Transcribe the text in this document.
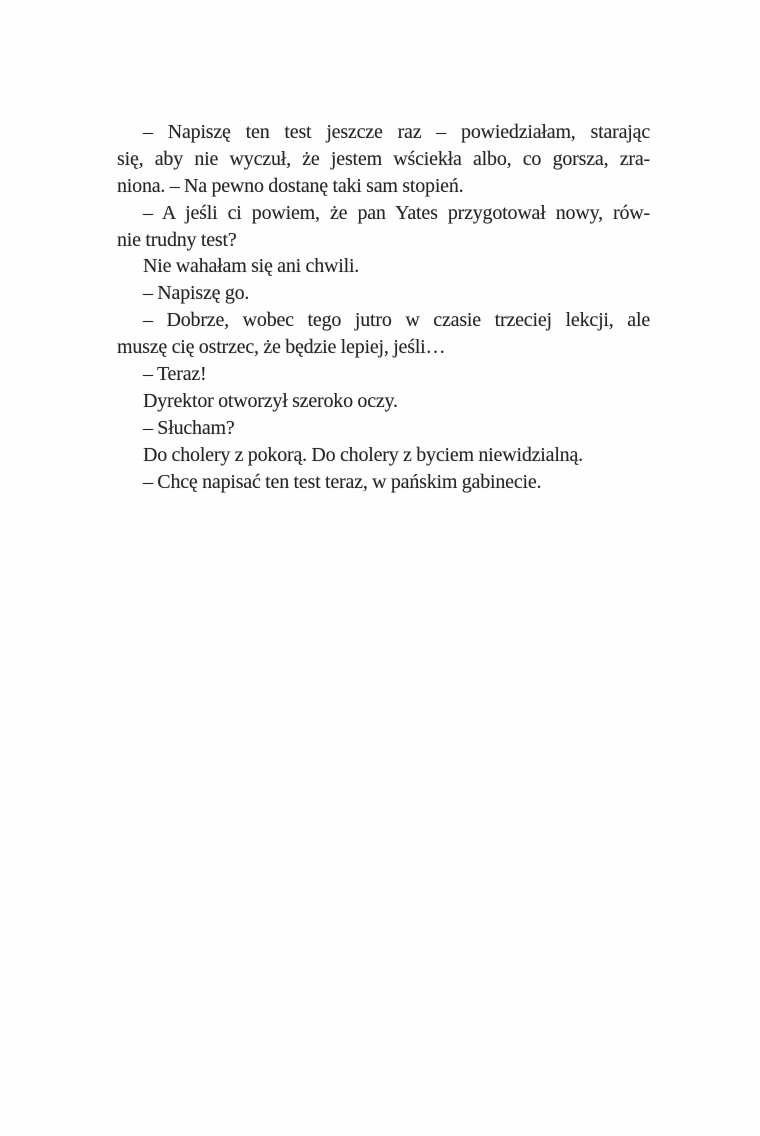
– Napiszę ten test jeszcze raz – powiedziałam, starając
się, aby nie wyczuł, że jestem wściekła albo, co gorsza, zra-
niona. – Na pewno dostanę taki sam stopień.
– A jeśli ci powiem, że pan Yates przygotował nowy, rów-
nie trudny test?
Nie wahałam się ani chwili.
– Napiszę go.
– Dobrze, wobec tego jutro w czasie trzeciej lekcji, ale
muszę cię ostrzec, że będzie lepiej, jeśli…
– Teraz!
Dyrektor otworzył szeroko oczy.
– Słucham?
Do cholery z pokorą. Do cholery z byciem niewidzialną.
– Chcę napisać ten test teraz, w pańskim gabinecie.
